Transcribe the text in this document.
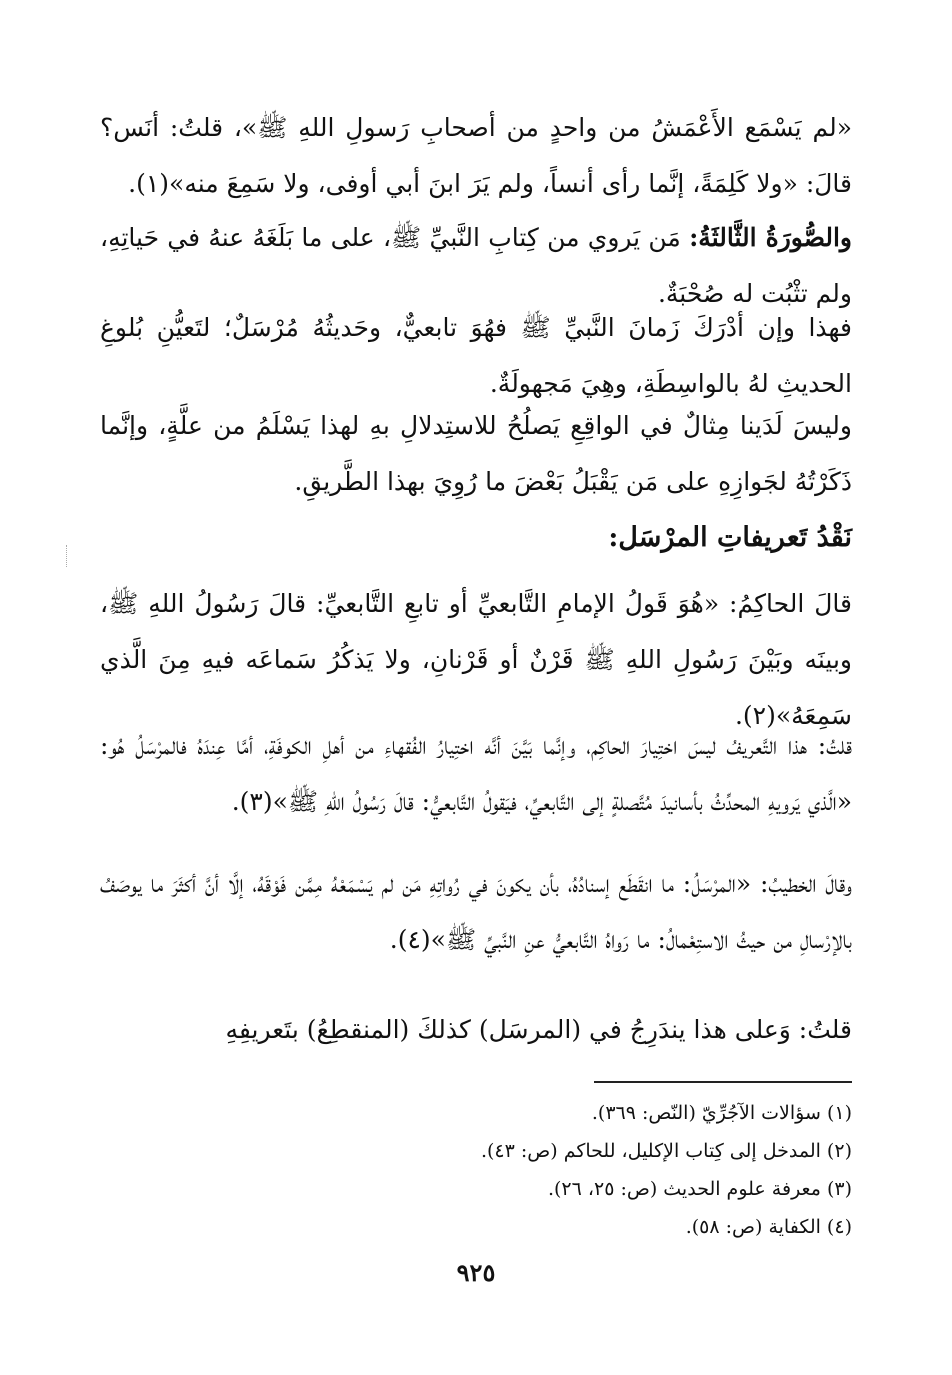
«لم يَسْمَع الأَعْمَشُ من واحدٍ من أصحابِ رَسولِ اللهِ ﷺ»، قلتُ: أنَس؟ قالَ: «ولا كَلِمَةً، إنَّما رأى أنساً، ولم يَرَ ابنَ أبي أوفى، ولا سَمِعَ منه»(١).

والصُّورَةُ الثَّالثَةُ: مَن يَروي من كِتابِ النَّبيِّ ﷺ، على ما بَلَغَهُ عنهُ في حَياتِهِ، ولم تثْبُت له صُحْبَةٌ.

فهذا وإن أدْرَكَ زَمانَ النَّبيِّ ﷺ فهُوَ تابعيٌّ، وحَديثُهُ مُرْسَلٌ؛ لتَعيُّنِ بُلوغِ الحديثِ لهُ بالواسِطَةِ، وهِيَ مَجهولَةٌ.

وليسَ لَدَينا مِثالٌ في الواقِعِ يَصلُحُ للاستِدلالِ بهِ لهذا يَسْلَمُ من علَّةٍ، وإنَّما ذَكَرْتُهُ لجَوازِهِ على مَن يَقْبَلُ بَعْضَ ما رُوِيَ بهذا الطَّريقِ.

نَقْدُ تَعريفاتِ المرْسَل:

قالَ الحاكِمُ: «هُوَ قَولُ الإمامِ التَّابعيِّ أو تابعِ التَّابعيِّ: قالَ رَسُولُ اللهِ ﷺ، وبينَه وبَيْنَ رَسُولِ اللهِ ﷺ قَرْنٌ أو قَرْنانِ، ولا يَذكُرُ سَماعَه فيهِ مِنَ الَّذي سَمِعَهُ»(٢).

قلتُ: هذا التَّعريفُ ليسَ اختِيارَ الحاكِم، وإنَّما بَيَّنَ أنَّه اختِيارُ الفُقهاءِ من أهلِ الكوفَةِ، أمَّا عِندَهُ فالمرْسَلُ هُو: «الَّذي يَرويهِ المحدِّثُ بأسانيدَ مُتَّصلةٍ إلى التَّابعيِّ، فيَقولُ التَّابعيُّ: قالَ رَسُولُ اللهِ ﷺ»(٣).

وقالَ الخطيبُ: «المرْسَلُ: ما انقَطَع إسنادُهُ، بأن يكونَ في رُواتِهِ مَن لم يَسْمَعْهُ مِمَّن فَوْقَهُ، إلَّا أنَّ أكثَرَ ما يوصَفُ بالإرْسالِ من حيثُ الاستِعْمالُ: ما رَواهُ التَّابعيُّ عنِ النَّبيِّ ﷺ»(٤).

قلتُ: وَعلى هذا يندَرِجُ في (المرسَل) كذلكَ (المنقطِعُ) بتَعريفِهِ

(١) سؤالات الآجُرِّيّ (النّص: ٣٦٩).

(٢) المدخل إلى كِتاب الإكليل، للحاكم (ص: ٤٣).

(٣) معرفة علوم الحديث (ص: ٢٥، ٢٦).

(٤) الكفاية (ص: ٥٨).

٩٢٥
